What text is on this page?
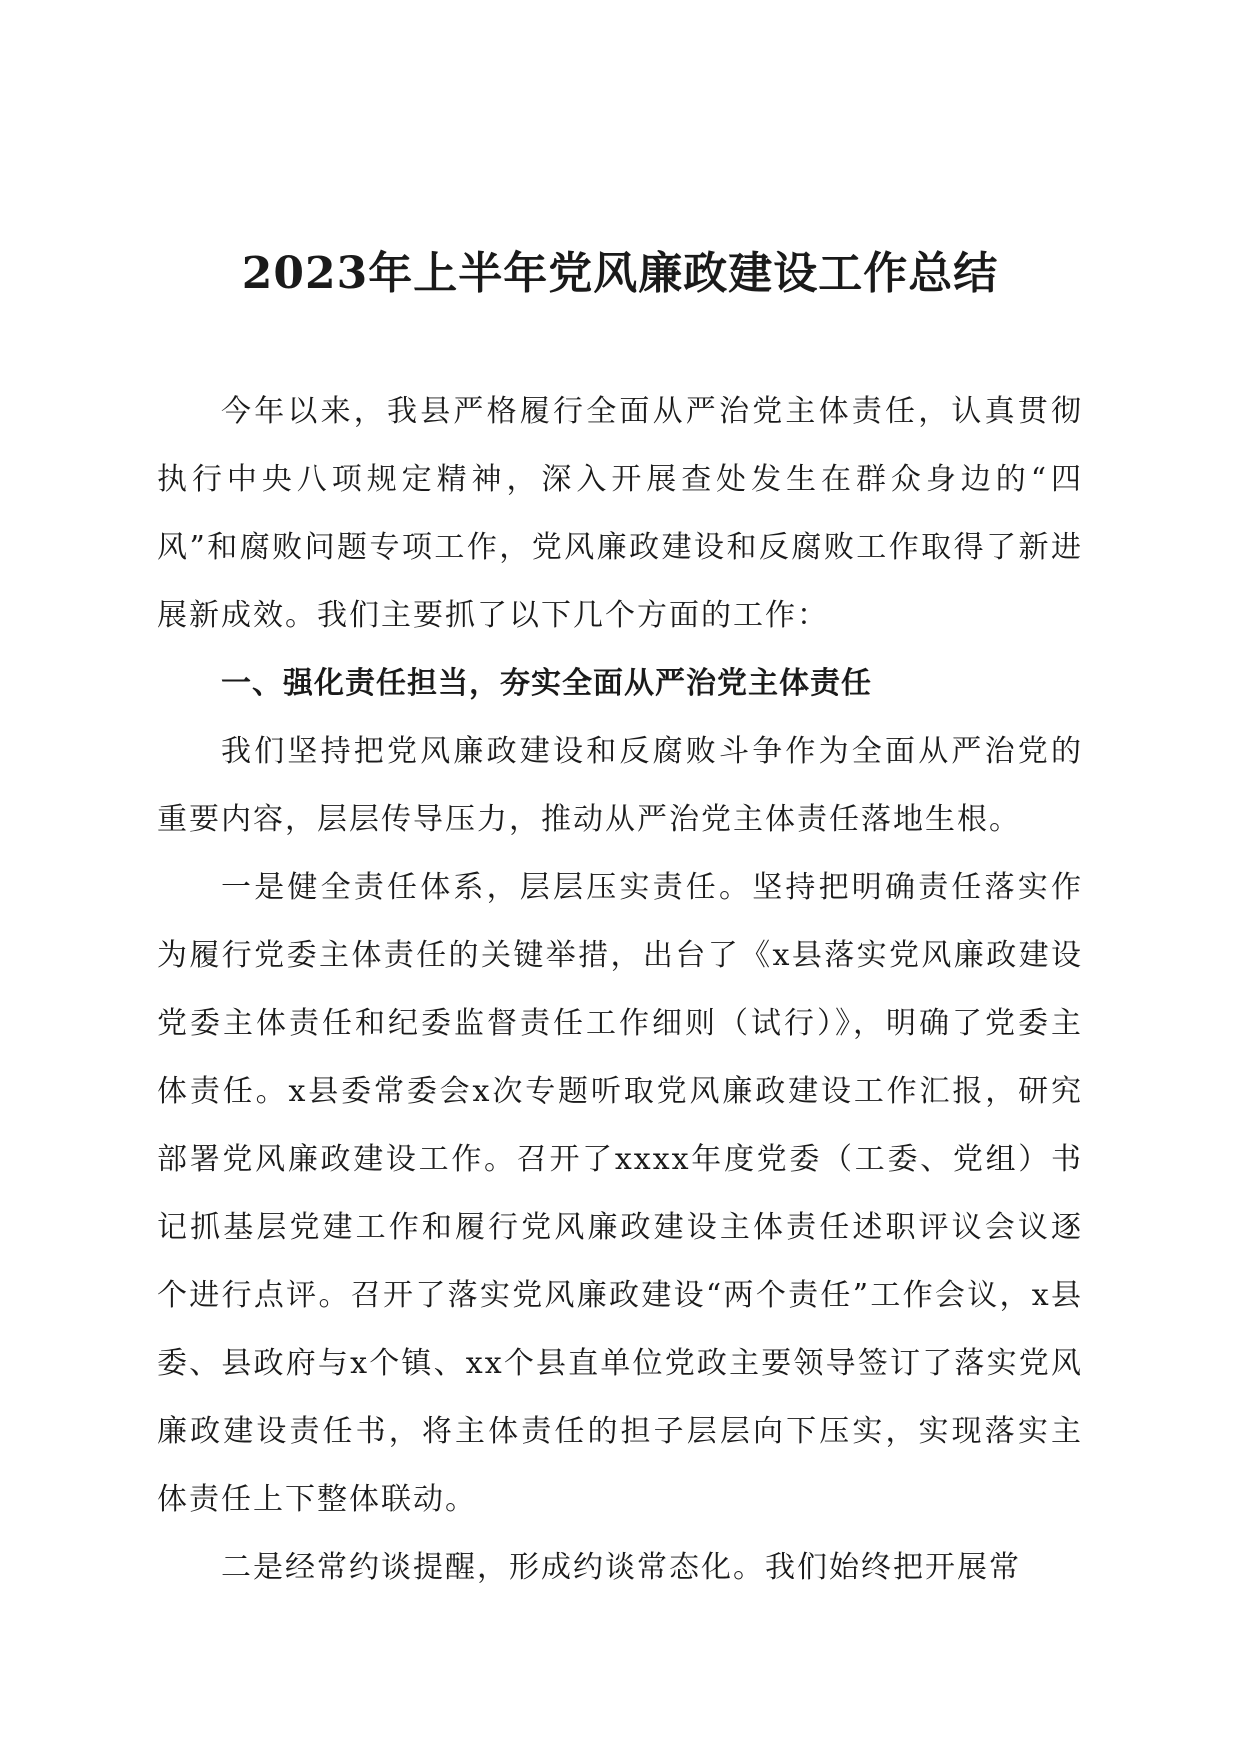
2023年上半年党风廉政建设工作总结

今年以来，我县严格履行全面从严治党主体责任，认真贯彻执行中央八项规定精神，深入开展查处发生在群众身边的“四风”和腐败问题专项工作，党风廉政建设和反腐败工作取得了新进展新成效。我们主要抓了以下几个方面的工作：

一、强化责任担当，夯实全面从严治党主体责任

我们坚持把党风廉政建设和反腐败斗争作为全面从严治党的重要内容，层层传导压力，推动从严治党主体责任落地生根。

一是健全责任体系，层层压实责任。坚持把明确责任落实作为履行党委主体责任的关键举措，出台了《x县落实党风廉政建设党委主体责任和纪委监督责任工作细则（试行）》，明确了党委主体责任。x县委常委会x次专题听取党风廉政建设工作汇报，研究部署党风廉政建设工作。召开了xxxx年度党委（工委、党组）书记抓基层党建工作和履行党风廉政建设主体责任述职评议会议逐个进行点评。召开了落实党风廉政建设“两个责任”工作会议，x县委、县政府与x个镇、xx个县直单位党政主要领导签订了落实党风廉政建设责任书，将主体责任的担子层层向下压实，实现落实主体责任上下整体联动。

二是经常约谈提醒，形成约谈常态化。我们始终把开展常
